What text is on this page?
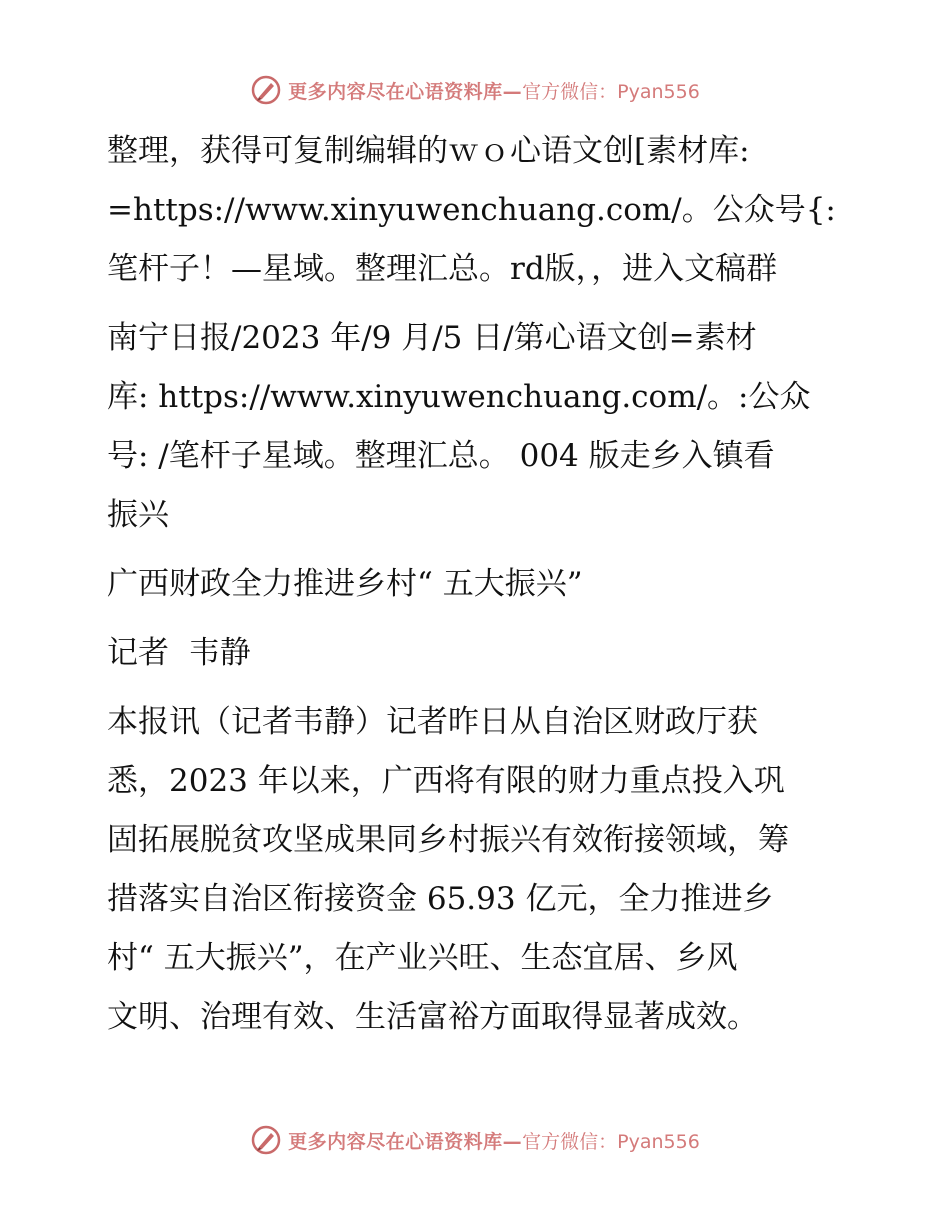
更多内容尽在心语资料库— 官方微信：Pyan556

整理，获得可复制编辑的ｗｏ心语文创[素材库:
=https://www.xinyuwenchuang.com/。公众号{:
笔杆子！—星域。整理汇总。rd版，，进入文稿群

南宁日报/2023 年/9 月/5 日/第心语文创=素材
库: https://www.xinyuwenchuang.com/。:公众
号: /笔杆子星域。整理汇总。 004 版走乡入镇看
振兴

广西财政全力推进乡村“ 五大振兴”

记者  韦静

本报讯（记者韦静）记者昨日从自治区财政厅获
悉，2023 年以来，广西将有限的财力重点投入巩
固拓展脱贫攻坚成果同乡村振兴有效衔接领域，筹
措落实自治区衔接资金 65.93 亿元，全力推进乡
村“ 五大振兴”，在产业兴旺、生态宜居、乡风
文明、治理有效、生活富裕方面取得显著成效。

更多内容尽在心语资料库— 官方微信：Pyan556
